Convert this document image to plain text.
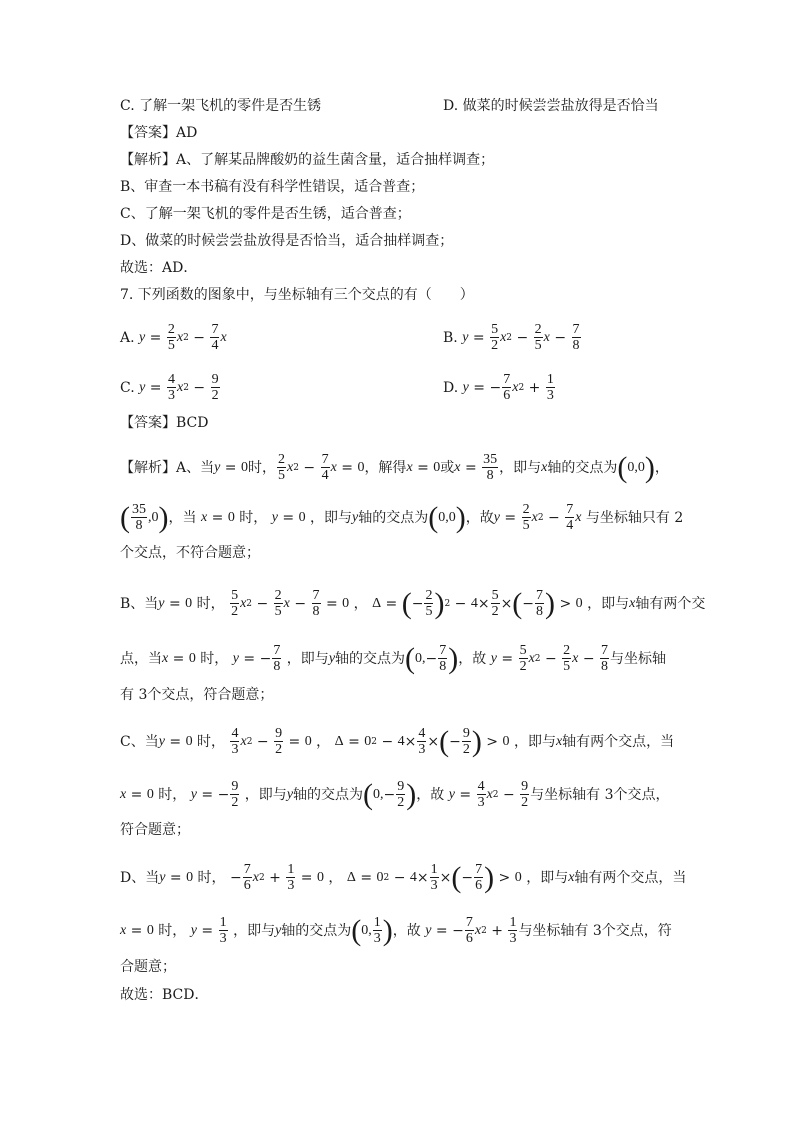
C. 了解一架飞机的零件是否生锈	D. 做菜的时候尝尝盐放得是否恰当
【答案】AD
【解析】A、了解某品牌酸奶的益生菌含量，适合抽样调查；
B、审查一本书稿有没有科学性错误，适合普查；
C、了解一架飞机的零件是否生锈，适合普查；
D、做菜的时候尝尝盐放得是否恰当，适合抽样调查；
故选：AD．
7. 下列函数的图象中，与坐标轴有三个交点的有（　　）
A.
$y = \frac{2}{5}$ x $2 - \frac{7}{4}$ x	B.
$y = \frac{5}{2}$ x $2 - \frac{2}{5}$ $x - \frac{7}{8}$
C.
$y = \frac{4}{3}$ x $2 - \frac{9}{2}$	D.
y = − $\frac{7}{6}$ x $2 + \frac{1}{3}$
【答案】BCD
【解析】A、当 y = 0 时， $\frac{2}{5}$ x $2 - \frac{7}{4}$ x = 0 ，解得 x = 0 或 $x = \frac{35}{8}$ ，即与 x 轴的交点为 ( 0,0 ) ，
( $\frac{35}{8} ,0$ ) ，当 x = 0 时， y = 0 ，即与 y 轴的交点为 ( 0,0 ) ，故 $y = \frac{2}{5}$ x $2 - \frac{7}{4}$ x
与坐标轴只有 2
个交点，不符合题意；
B、当 y = 0 时， $\frac{5}{2}$ x $2 - \frac{2}{5}$ $x - \frac{7}{8} = 0$ ， Δ = ( − $\frac{2}{5}$ ) $2 - 4 \times \frac{5}{2}$ × ( − $\frac{7}{8}$ ) > 0 ，即与 x 轴有两个交
点，当 x = 0 时， y = − $\frac{7}{8}$ ，即与 y 轴的交点为 ( 0, − $\frac{7}{8}$ ) ，故 $y = \frac{5}{2}$ x $2 - \frac{2}{5}$ $x - \frac{7}{8}$ 与坐标轴
有 3个交点，符合题意；
C、当 y = 0 时， $\frac{4}{3}$ x $2 - \frac{9}{2} = 0$ ， Δ = 0 $2 - 4 \times \frac{4}{3}$ × ( − $\frac{9}{2}$ ) > 0 ，即与 x 轴有两个交点，当
x = 0 时， y = − $\frac{9}{2}$ ，即与 y 轴的交点为 ( 0, − $\frac{9}{2}$ ) ，故 $y = \frac{4}{3}$ x $2 - \frac{9}{2}$ 与坐标轴有 3个交点，
符合题意；
D、当 y = 0 时， − $\frac{7}{6}$ x $2 + \frac{1}{3} = 0$ ， Δ = 0 $2 - 4 \times \frac{1}{3}$ × ( − $\frac{7}{6}$ ) > 0 ，即与 x 轴有两个交点，当
x = 0 时， $y = \frac{1}{3}$ ，即与 y 轴的交点为 ( 0, $\frac{1}{3}$ ) ，故 y = − $\frac{7}{6}$ x $2 + \frac{1}{3}$ 与坐标轴有 3个交点，符
合题意；
故选：BCD．
